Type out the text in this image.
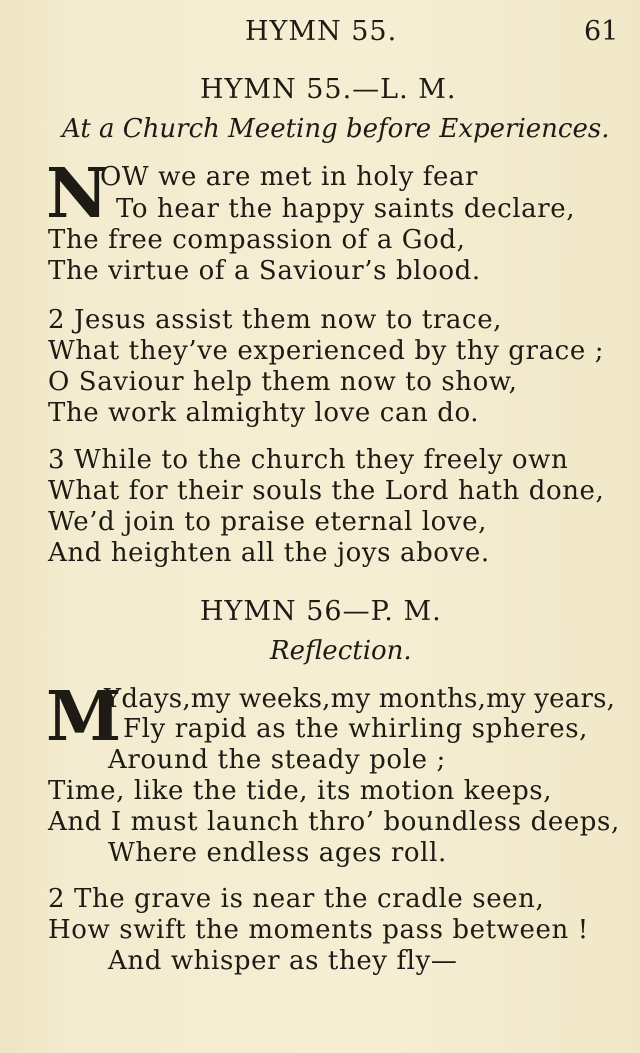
HYMN 55.	61
HYMN 55.—L. M.
At a Church Meeting before Experiences.
N
OW we are met in holy fear
To hear the happy saints declare,
The free compassion of a God,
The virtue of a Saviour’s blood.
2 Jesus assist them now to trace,
What they’ve experienced by thy grace ;
O Saviour help them now to show,
The work almighty love can do.
3 While to the church they freely own
What for their souls the Lord hath done,
We’d join to praise eternal love,
And heighten all the joys above.
HYMN 56—P. M.
Reflection.
M
Ydays,my weeks,my months,my years,
Fly rapid as the whirling spheres,
Around the steady pole ;
Time, like the tide, its motion keeps,
And I must launch thro’ boundless deeps,
Where endless ages roll.
2 The grave is near the cradle seen,
How swift the moments pass between !
And whisper as they fly—
